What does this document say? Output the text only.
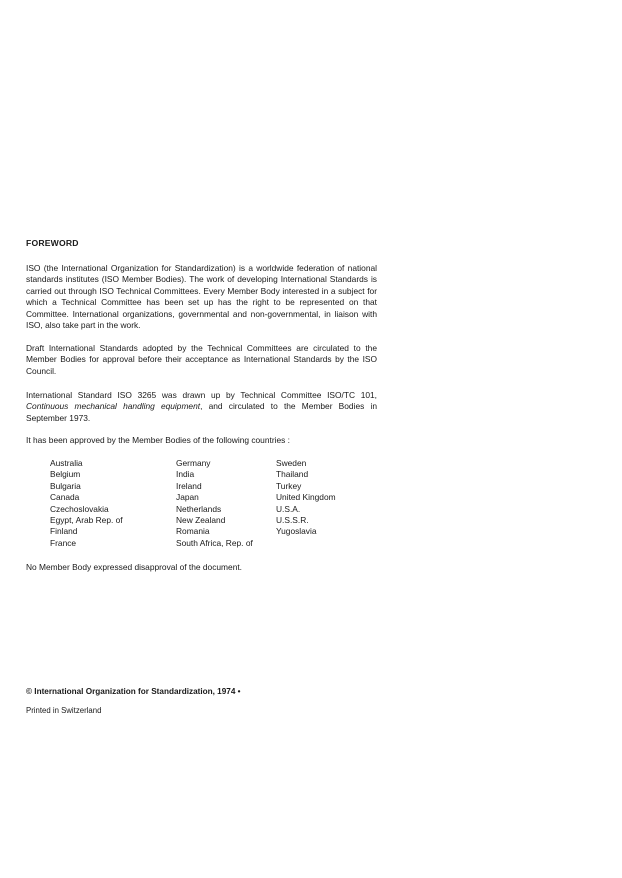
FOREWORD

ISO (the International Organization for Standardization) is a worldwide federation of national standards institutes (ISO Member Bodies). The work of developing International Standards is carried out through ISO Technical Committees. Every Member Body interested in a subject for which a Technical Committee has been set up has the right to be represented on that Committee. International organizations, governmental and non-governmental, in liaison with ISO, also take part in the work.

Draft International Standards adopted by the Technical Committees are circulated to the Member Bodies for approval before their acceptance as International Standards by the ISO Council.

International Standard ISO 3265 was drawn up by Technical Committee ISO/TC 101, Continuous mechanical handling equipment, and circulated to the Member Bodies in September 1973.

It has been approved by the Member Bodies of the following countries :

Australia
Belgium
Bulgaria
Canada
Czechoslovakia
Egypt, Arab Rep. of
Finland
France
Germany
India
Ireland
Japan
Netherlands
New Zealand
Romania
South Africa, Rep. of
Sweden
Thailand
Turkey
United Kingdom
U.S.A.
U.S.S.R.
Yugoslavia

No Member Body expressed disapproval of the document.

© International Organization for Standardization, 1974 •
Printed in Switzerland
